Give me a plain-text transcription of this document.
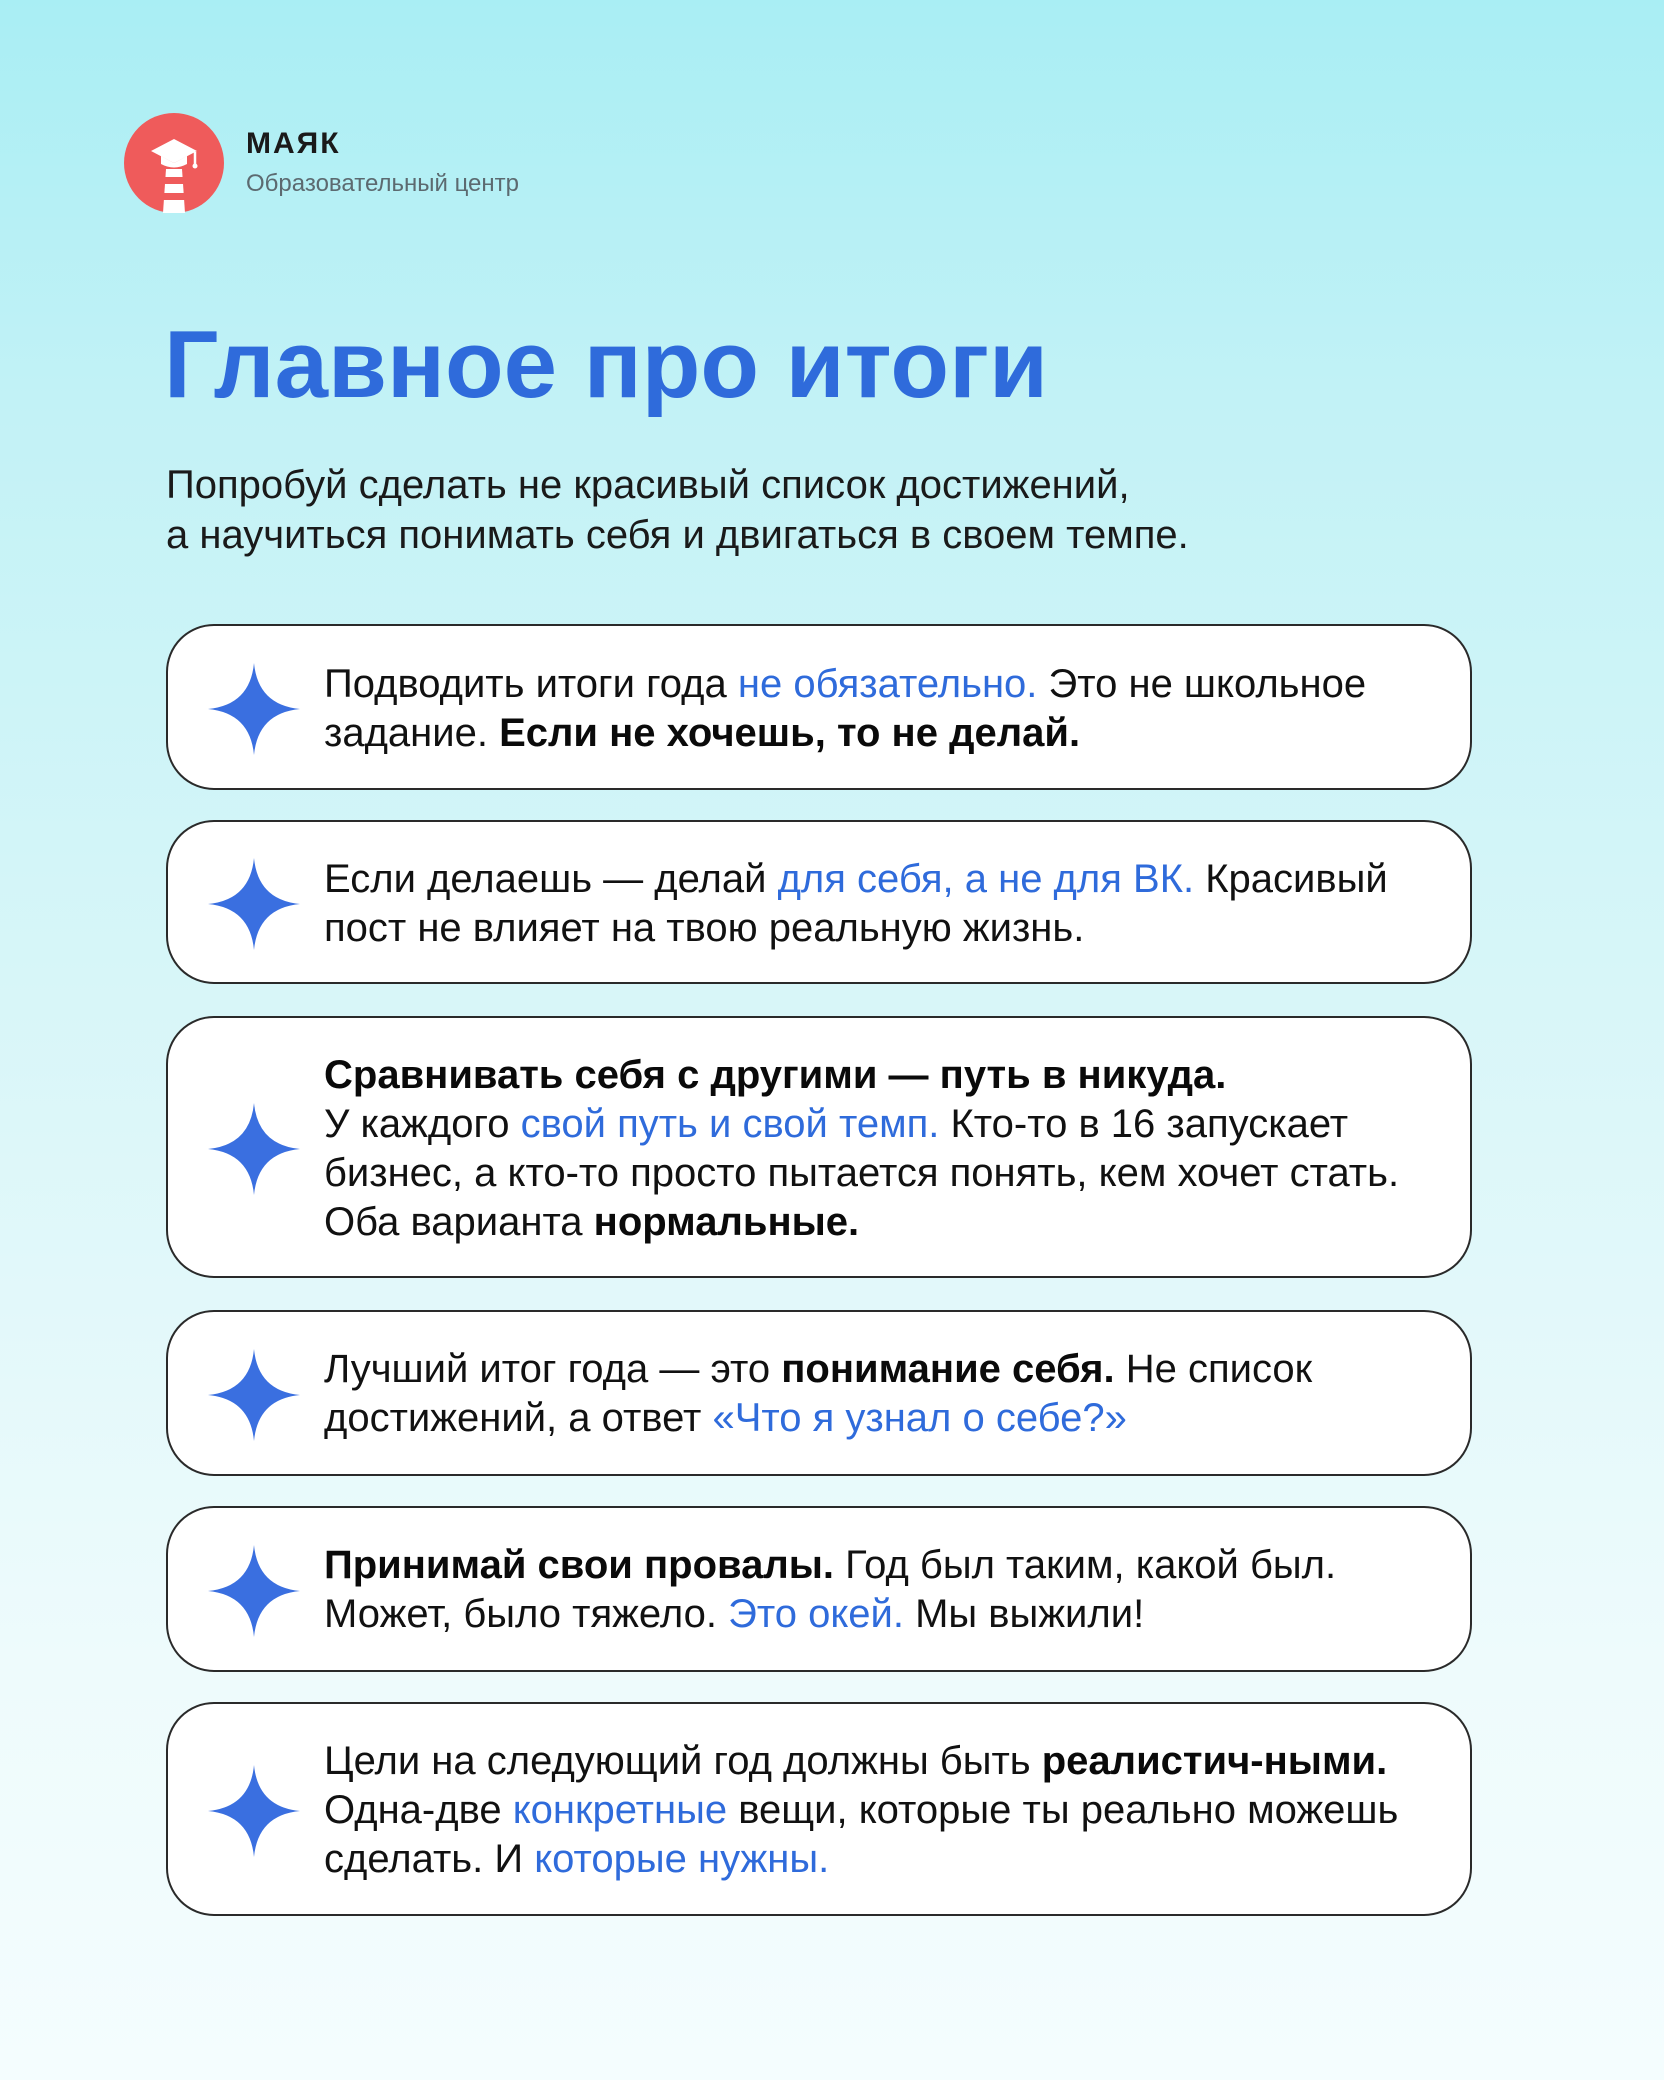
МАЯК
Образовательный центр
Главное про итоги
Попробуй сделать не красивый список достижений,
а научиться понимать себя и двигаться в своем темпе.
Подводить итоги года не обязательно. Это не школьное задание. Если не хочешь, то не делай.
Если делаешь — делай для себя, а не для ВК. Красивый пост не влияет на твою реальную жизнь.
Сравнивать себя с другими — путь в никуда.
У каждого свой путь и свой темп. Кто-то в 16 запускает бизнес, а кто-то просто пытается понять, кем хочет стать. Оба варианта нормальные.
Лучший итог года — это понимание себя. Не список достижений, а ответ «Что я узнал о себе?»
Принимай свои провалы. Год был таким, какой был. Может, было тяжело. Это окей. Мы выжили!
Цели на следующий год должны быть реалистич-ными. Одна-две конкретные вещи, которые ты реально можешь сделать. И которые нужны.
